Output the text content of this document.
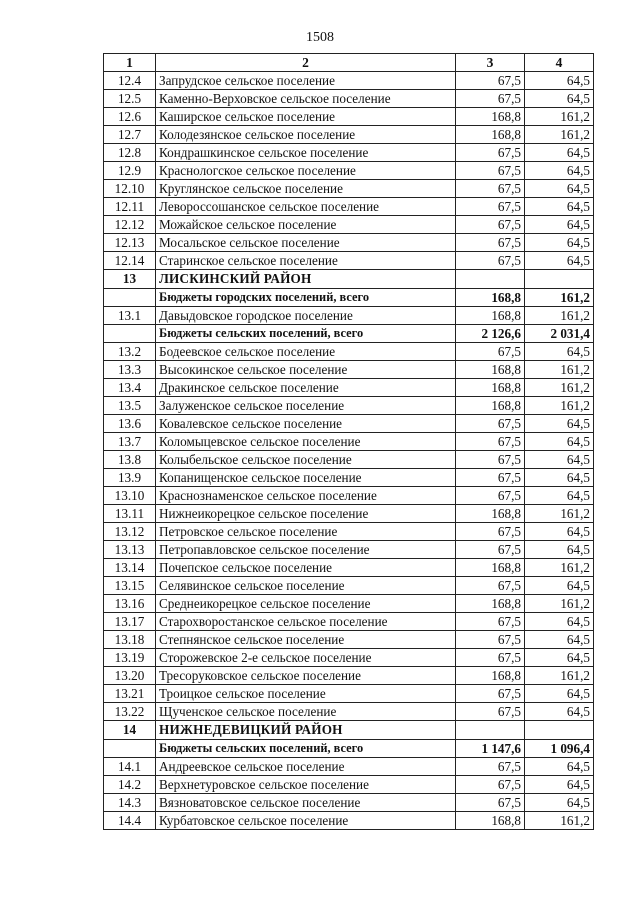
1508
1	2	3	4
12.4	Запрудское сельское поселение	67,5	64,5
12.5	Каменно-Верховское сельское поселение	67,5	64,5
12.6	Каширское сельское поселение	168,8	161,2
12.7	Колодезянское сельское поселение	168,8	161,2
12.8	Кондрашкинское сельское поселение	67,5	64,5
12.9	Краснологское сельское поселение	67,5	64,5
12.10	Круглянское сельское поселение	67,5	64,5
12.11	Левороссошанское сельское поселение	67,5	64,5
12.12	Можайское сельское поселение	67,5	64,5
12.13	Мосальское сельское поселение	67,5	64,5
12.14	Старинское сельское поселение	67,5	64,5
13	ЛИСКИНСКИЙ РАЙОН		
	Бюджеты городских поселений, всего	168,8	161,2
13.1	Давыдовское городское поселение	168,8	161,2
	Бюджеты сельских поселений, всего	2 126,6	2 031,4
13.2	Бодеевское сельское поселение	67,5	64,5
13.3	Высокинское сельское поселение	168,8	161,2
13.4	Дракинское сельское поселение	168,8	161,2
13.5	Залуженское сельское поселение	168,8	161,2
13.6	Ковалевское сельское поселение	67,5	64,5
13.7	Коломыцевское сельское поселение	67,5	64,5
13.8	Колыбельское сельское поселение	67,5	64,5
13.9	Копанищенское сельское поселение	67,5	64,5
13.10	Краснознаменское сельское поселение	67,5	64,5
13.11	Нижнеикорецкое сельское поселение	168,8	161,2
13.12	Петровское сельское поселение	67,5	64,5
13.13	Петропавловское сельское поселение	67,5	64,5
13.14	Почепское сельское поселение	168,8	161,2
13.15	Селявинское сельское поселение	67,5	64,5
13.16	Среднеикорецкое сельское поселение	168,8	161,2
13.17	Старохворостанское сельское поселение	67,5	64,5
13.18	Степнянское сельское поселение	67,5	64,5
13.19	Сторожевское 2-е сельское поселение	67,5	64,5
13.20	Тресоруковское сельское поселение	168,8	161,2
13.21	Троицкое сельское поселение	67,5	64,5
13.22	Щученское сельское поселение	67,5	64,5
14	НИЖНЕДЕВИЦКИЙ РАЙОН		
	Бюджеты сельских поселений, всего	1 147,6	1 096,4
14.1	Андреевское сельское поселение	67,5	64,5
14.2	Верхнетуровское сельское поселение	67,5	64,5
14.3	Вязноватовское сельское поселение	67,5	64,5
14.4	Курбатовское сельское поселение	168,8	161,2
